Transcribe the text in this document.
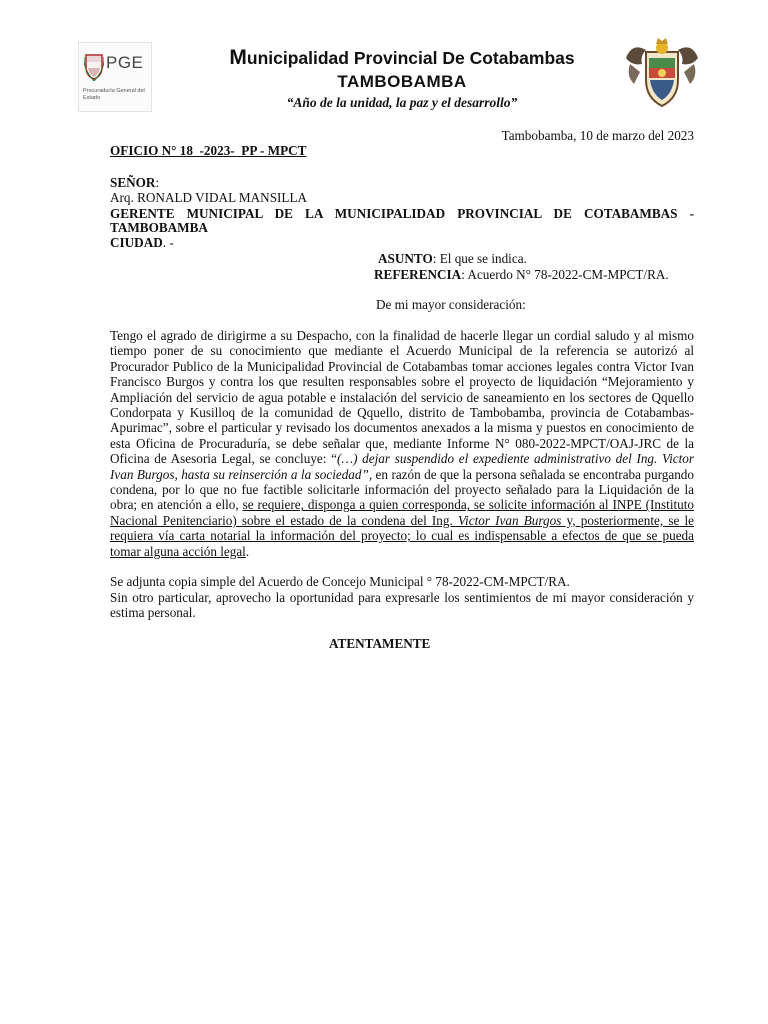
PGE
Procuraduría General del Estado
Municipalidad Provincial De Cotabambas
TAMBOBAMBA
“Año de la unidad, la paz y el desarrollo”
Tambobamba, 10 de marzo del 2023
OFICIO N° 18  -2023-  PP - MPCT
SEÑOR:
Arq. RONALD VIDAL MANSILLA
GERENTE MUNICIPAL DE LA MUNICIPALIDAD PROVINCIAL DE COTABAMBAS -
TAMBOBAMBA
CIUDAD. -
ASUNTO: El que se indica.
REFERENCIA: Acuerdo N° 78-2022-CM-MPCT/RA.
De mi mayor consideración:

Tengo el agrado de dirigirme a su Despacho, con la finalidad de hacerle llegar un cordial saludo y al mismo tiempo poner de su conocimiento que mediante el Acuerdo Municipal de la referencia se autorizó al Procurador Publico de la Municipalidad Provincial de Cotabambas tomar acciones legales contra Victor Ivan Francisco Burgos y contra los que resulten responsables sobre el proyecto de liquidación “Mejoramiento y Ampliación del servicio de agua potable e instalación del servicio de saneamiento en los sectores de Qquello Condorpata y Kusilloq de la comunidad de Qquello, distrito de Tambobamba, provincia de Cotabambas-Apurimac”, sobre el particular y revisado los documentos anexados a la misma y puestos en conocimiento de esta Oficina de Procuraduría, se debe señalar que, mediante Informe N° 080-2022-MPCT/OAJ-JRC de la Oficina de Asesoria Legal, se concluye: “(…) dejar suspendido el expediente administrativo del Ing. Victor Ivan Burgos, hasta su reinserción a la sociedad”, en razón de que la persona señalada se encontraba purgando condena, por lo que no fue factible solicitarle información del proyecto señalado para la Liquidación de la obra; en atención a ello, se requiere, disponga a quien corresponda, se solicite información al INPE (Instituto Nacional Penitenciario) sobre el estado de la condena del Ing. Victor Ivan Burgos y, posteriormente, se le requiera vía carta notarial la información del proyecto; lo cual es indispensable a efectos de que se pueda tomar alguna acción legal.

Se adjunta copia simple del Acuerdo de Concejo Municipal ° 78-2022-CM-MPCT/RA.

Sin otro particular, aprovecho la oportunidad para expresarle los sentimientos de mi mayor consideración y estima personal.

ATENTAMENTE
